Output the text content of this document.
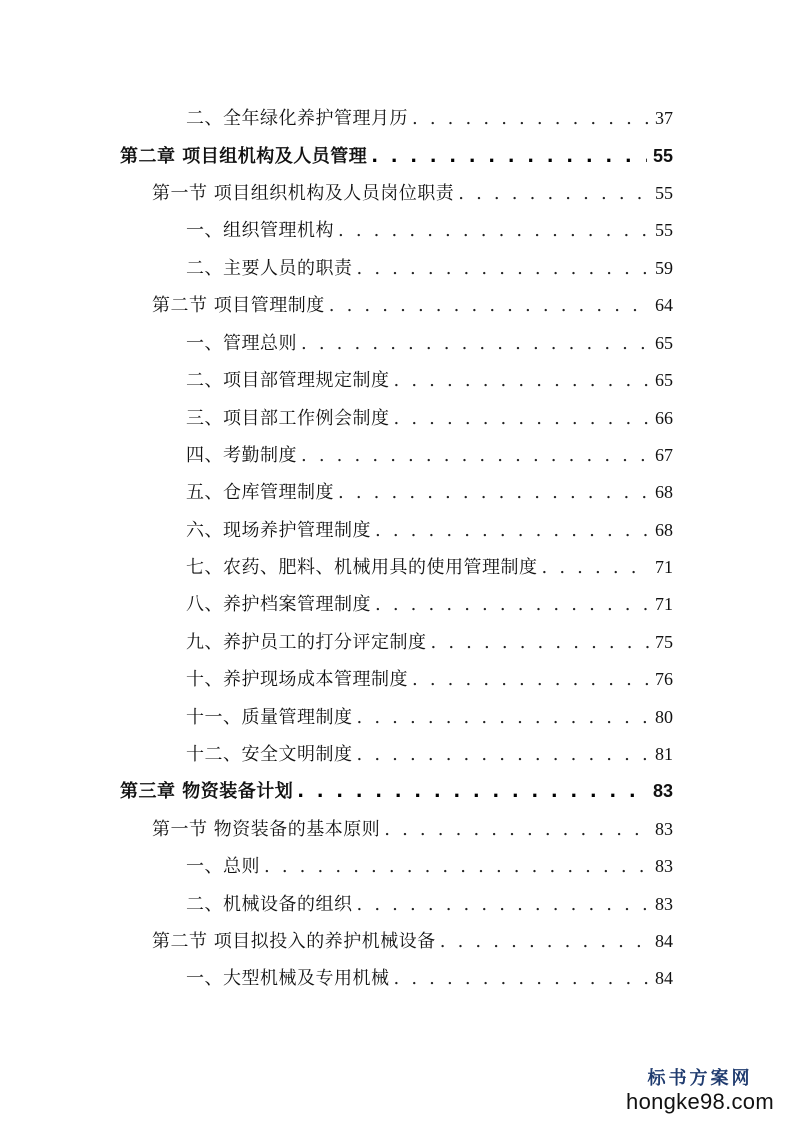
二、全年绿化养护管理月历 . . .	37
第二章 项目组机构及人员管理 . . .	55
第一节 项目组织机构及人员岗位职责 . . .	55
一、组织管理机构 . . .	55
二、主要人员的职责 . . .	59
第二节 项目管理制度 . . .	64
一、管理总则 . . .	65
二、项目部管理规定制度 . . .	65
三、项目部工作例会制度 . . .	66
四、考勤制度 . . .	67
五、仓库管理制度 . . .	68
六、现场养护管理制度 . . .	68
七、农药、肥料、机械用具的使用管理制度 . . .	71
八、养护档案管理制度 . . .	71
九、养护员工的打分评定制度 . . .	75
十、养护现场成本管理制度 . . .	76
十一、质量管理制度 . . .	80
十二、安全文明制度 . . .	81
第三章 物资装备计划 . . .	83
第一节 物资装备的基本原则 . . .	83
一、总则 . . .	83
二、机械设备的组织 . . .	83
第二节 项目拟投入的养护机械设备 . . .	84
一、大型机械及专用机械 . . .	84
标书方案网
hongke98.com
